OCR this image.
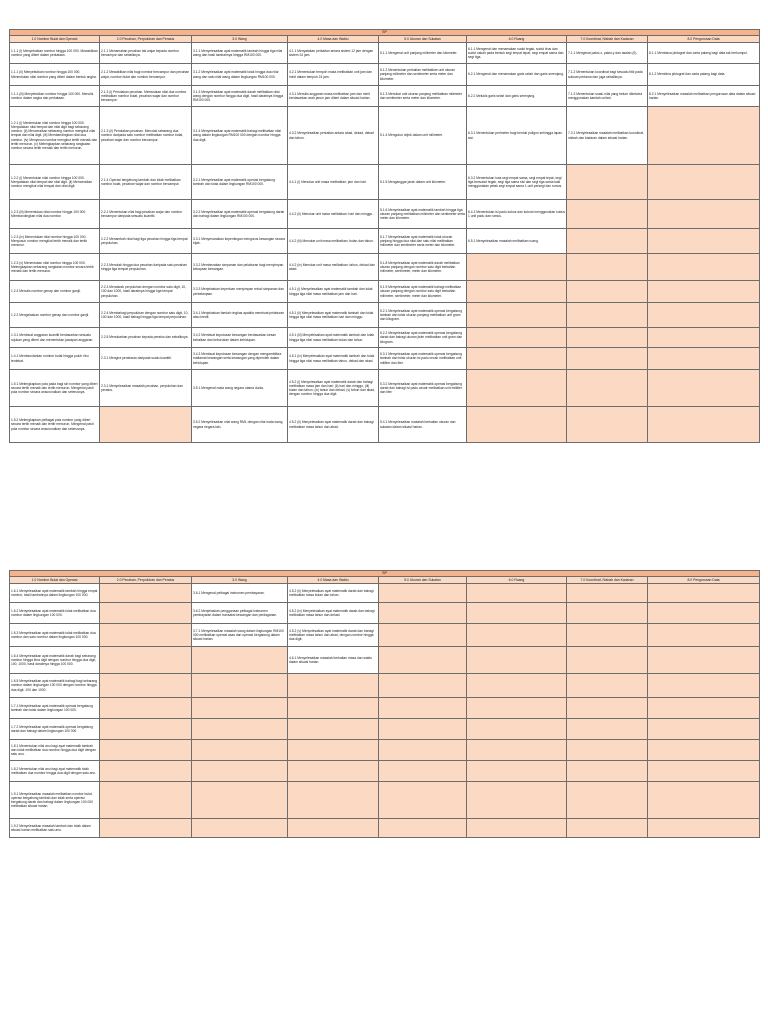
SP							
1.0 Nombor Bulat dan Operasi	2.0 Pecahan, Perpuluhan dan Peratus	3.0 Wang	4.0 Masa dan Waktu	5.0 Ukuran dan Sukatan	6.0 Ruang	7.0 Koordinat, Nisbah dan Kadaran	8.0 Pengurusan Data
1.1.1 (i) Menyebutkan nombor hingga 100 000. Mewakilkan nombor yang diberi dalam perkataan.	2.1.1 Menamakan pecahan tak wajar kepada nombor bercampur dan sebaliknya.	3.1.1 Menyelesaikan ayat matematik tambah hingga tiga nilai wang dan hasil tambahnya hingga RM100 000.	4.1.1 Menyatakan perkaitan antara sistem 12 jam dengan sistem 24 jam.	5.1.1 Mengenal unit panjang milimeter dan kilometer.	6.1.1 Mengenal dan menamakan sudut tegak, sudut tirus dan sudut cakah pada bentuk segi empat tepat, segi empat sama dan segi tiga.	7.1.1 Mengenal paksi-x, paksi-y dan asalan (0).	8.1.1 Membaca piktograf dan carta palang bagi data tak berkumpul.
1.1.1 (ii) Menyebutkan nombor hingga 100 000. Menentukan nilai nombor yang diberi dalam bentuk angka.	2.1.2 Mewakilkan nilai bagi nombor bercampur dan pecahan wajar, nombor bulat dan nombor bercampur.	3.1.2 Menyelesaikan ayat matematik tolak hingga dua nilai wang dan satu nilai wang dalam lingkungan RM100 000.	4.2.1 Menentukan tempoh masa melibatkan unit jam dan minit dalam tempoh 24 jam.	5.1.2 Menentukan perkaitan melibatkan unit ukuran panjang milimeter dan sentimeter serta meter dan kilometer.	6.2.1 Mengenal dan menamakan garis selari dan garis serenjang.	7.1.2 Menentukan koordinat bagi sesuatu titik pada sukuan pertama dan juga sebaliknya.	8.1.2 Membina piktograf dan carta palang bagi data.
1.1.1 (iii) Menyebutkan nombor hingga 100 000. Menulis nombor dalam angka dan perkataan.	2.1.3 (i) Penolakan pecahan. Memulakan nilai dua nombor melibatkan nombor bulat, pecahan wajar dan nombor bercampur.	3.1.3 Menyelesaikan ayat matematik darab melibatkan nilai wang dengan nombor hingga dua digit, hasil darabnya hingga RM100 000.	4.3.1 Menulis anggaran masa melibatkan jam dan minit berdasarkan arah jarum jam diberi dalam situasi harian.	5.1.3 Menukar unit ukuran panjang melibatkan milimeter dan sentimeter serta meter dan kilometer.	6.2.2 Melukis garis selari dan garis serenjang.	7.1.3 Menentukan suatu nilai yang belum diketahui menggunakan kaedah unitari.	8.2.1 Menyelesaikan masalah melibatkan pengurusan data dalam situasi harian.
1.2.1 (i) Menentukan nilai nombor hingga 100 000. Menyatakan nilai tempat dan nilai digit bagi sebarang nombor. (ii) Menceraikan sebarang nombor mengikut nilai tempat dan nilai digit. (iii) Membandingkan nilai dua nombor. (iv) Menyusun nombor mengikut tertib menaik dan tertib menurun. (v) Melengkapkan sebarang rangkaian nombor secara tertib menaik dan tertib menurun.	2.1.3 (ii) Penolakan pecahan. Menolak sebarang dua nombor daripada satu nombor melibatkan nombor bulat, pecahan wajar dan nombor bercampur.	3.1.4 Menyelesaikan ayat matematik bahagi melibatkan nilai wang dalam lingkungan RM100 000 dengan nombor hingga dua digit.	4.3.2 Menyelesaikan perkaitan antara abad, dekad, dekad dan tahun.	5.1.4 Mengukur objek dalam unit milimeter.	6.3.1 Menentukan perimeter bagi bentuk poligon sehingga lapan sisi.	7.3.1 Menyelesaikan masalah melibatkan koordinat, nisbah dan kadaran dalam situasi harian.	
1.2.2 (i) Menentukan nilai nombor hingga 100 000. Menyatakan nilai tempat dan nilai digit. (ii) Menceraikan nombor mengikut nilai tempat dan nilai digit.	2.1.4 Operasi bergabung tambah dan tolak melibatkan nombor bulat, pecahan wajar dan nombor bercampur.	3.2.1 Menyelesaikan ayat matematik operasi bergabung tambah dan tolak dalam lingkungan RM100 000.	4.4.1 (i) Menukar unit masa melibatkan: jam dan hari.	5.1.5 Menganggar jarak dalam unit kilometer.	6.3.2 Menentukan luas segi empat sama, segi empat tepat, segi tiga bersudut tegak, segi tiga sama sisi dan segi tiga sama kaki menggunakan petak segi empat sama 1 unit persegi dan rumus.		
1.2.3 (iii) Menentukan nilai nombor hingga 100 000. Membandingkan nilai dua nombor.	2.2.1 Menentukan nilai bagi pecahan wajar dan nombor bercampur daripada sesuatu kuantiti.	3.2.2 Menyelesaikan ayat matematik operasi bergabung darab dan bahagi dalam lingkungan RM100 000.	4.4.2 (ii) Menukar unit masa melibatkan: hari dan minggu.	5.1.6 Menyelesaikan ayat matematik tambah hingga tiga ukuran panjang melibatkan milimeter dan sentimeter serta meter dan kilometer.	6.4.1 Menentukan isi padu kubus dan kuboid menggunakan kubus 1 unit padu dan rumus.		
1.2.3 (iv) Menentukan nilai nombor hingga 100 000. Menyusun nombor mengikut tertib menaik dan tertib menurun.	2.2.2 Menambah nilai bagi tiga pecahan hingga tiga tempat perpuluhan.	3.3.1 Menyenaraikan kepentingan mengurus kewangan secara bijak.	4.4.2 (iii) Menukar unit masa melibatkan: bulan dan tahun.	5.1.7 Menyelesaikan ayat matematik tolak ukuran panjang hingga dua nilai dan satu nilai melibatkan milimeter dan sentimeter serta meter dan kilometer.	6.5.1 Menyelesaikan masalah melibatkan ruang.		
1.2.3 (v) Menentukan nilai nombor hingga 100 000. Melengkapkan sebarang rangkaian nombor secara tertib menaik dan tertib menurun.	2.2.3 Menolak hingga dua pecahan daripada satu pecahan hingga tiga tempat perpuluhan.	3.3.2 Membezakan simpanan dan pelaburan bagi menyimpan kekayaan kewangan.	4.4.2 (iv) Menukar unit masa melibatkan: tahun, dekad dan abad.	5.1.8 Menyelesaikan ayat matematik darab melibatkan ukuran panjang dengan nombor satu digit berkaitan milimeter, sentimeter, meter dan kilometer.			
1.2.4 Menulis nombor genap dan nombor ganjil.	2.2.3 Mendarab perpuluhan dengan nombor satu digit, 10, 100 dan 1000, hasil darabnya hingga tiga tempat perpuluhan.	3.3.3 Menjelaskan keperluan menyimpan rekod simpanan dan perbelanjaan.	4.5.1 (i) Menyelesaikan ayat matematik tambah dan tolak hingga tiga nilai masa melibatkan jam dan hari.	5.1.9 Menyelesaikan ayat matematik bahagi melibatkan ukuran panjang dengan nombor satu digit berkaitan milimeter, sentimeter, meter dan kilometer.			
1.2.2 Mengelaskan nombor genap dan nombor ganjil.	2.2.4 Membahagi perpuluhan dengan nombor satu digit, 10, 100 dan 1000, hasil bahagi hingga tiga tempat perpuluhan.	3.4.1 Menjelaskan faedah ringkas apabila membuat pelaburan atau kredit.	4.5.1 (ii) Menyelesaikan ayat matematik tambah dan tolak hingga tiga nilai masa melibatkan hari dan minggu.	5.2.1 Menyelesaikan ayat matematik operasi bergabung tambah dan tolak ukuran panjang melibatkan unit gram dan kilogram.			
1.3.1 Membuat anggaran kuantiti berdasarkan sesuatu rujukan yang diberi dan menentukan jawapan anggaran.	2.2.5 Menukarkan pecahan kepada peratus dan sebaliknya.	3.4.2 Membuat keputusan kewangan berdasarkan kesan kebaikan dan keburukan dalam kehidupan.	4.5.1 (iii) Menyelesaikan ayat matematik tambah dan tolak hingga tiga nilai masa melibatkan bulan dan tahun.	5.2.2 Menyelesaikan ayat matematik operasi bergabung darab dan bahagi ukuran jisim melibatkan unit gram dan kilogram.			
1.4.1 Membundarkan nombor bulat hingga puluh ribu terdekat.	2.3.1 Mengira peratusan daripada suatu kuantiti.	3.4.3 Membuat keputusan kewangan dengan mengambilkira matlamat kewangan serta kewangan yang diperoleh dalam kehidupan.	4.5.1 (iv) Menyelesaikan ayat matematik tambah dan tolak hingga tiga nilai masa melibatkan tahun, dekad dan abad.	5.3.1 Menyelesaikan ayat matematik operasi bergabung tambah dan tolak ukuran isi padu cecair melibatkan unit mililiter dan liter.			
1.5.1 Melengkapkan pola pada bagi siri nombor yang diberi secara tertib menaik dan tertib menurun. Mengenal pasti pola nombor secara ansurunaikan dan seterusnya.	2.3.1 Menyelesaikan masalah pecahan, perpuluhan dan peratus.	3.5.1 Mengenal mata wang negara utama dunia.	4.5.2 (i) Menyelesaikan ayat matematik darab dan bahagi melibatkan masa jam dan hari; (ii) hari dan minggu, (iii) bulan dan tahun, (iv) tahun dan dekad, (v) tahun dan abad, dengan nombor hingga dua digit.	5.3.2 Menyelesaikan ayat matematik operasi bergabung darab dan bahagi isi padu cecair melibatkan unit mililiter dan liter.			
1.5.2 Melengkapkan pelbagai pola nombor yang diberi secara tertib menaik dan tertib menurun. Mengenal pasti pola nombor secara ansurunaikan dan seterusnya.		3.5.2 Menyelesaikan nilai wang RM1 dengan nilai mata wang negara negara lain.	4.5.2 (ii) Menyelesaikan ayat matematik darab dan bahagi melibatkan masa tahun dan abad.	5.4.1 Menyelesaikan masalah berkaitan ukuran dan sukatan dalam situasi harian.			
SP							
1.0 Nombor Bulat dan Operasi	2.0 Pecahan, Perpuluhan dan Peratus	3.0 Wang	4.0 Masa dan Waktu	5.0 Ukuran dan Sukatan	6.0 Ruang	7.0 Koordinat, Nisbah dan Kadaran	8.0 Pengurusan Data
1.6.1 Menyelesaikan ayat matematik tambah hingga empat nombor, hasil tambahnya dalam lingkungan 100 000.		3.6.1 Mengenal pelbagai instrumen pembayaran.	4.5.2 (ii) Menyelesaikan ayat matematik darab dan bahagi melibatkan masa bulan dan tahun.				
1.6.2 Menyelesaikan ayat matematik tolak melibatkan dua nombor dalam lingkungan 100 000.		3.6.2 Menjelaskan penggunaan pelbagai instrumen pembayaran dalam transaksi kewangan dan perdaganan.	4.5.2 (iv) Menyelesaikan ayat matematik darab dan bahagi melibatkan masa tahun dan dekad.				
1.6.3 Menyelesaikan ayat matematik tolak melibatkan dua nombor dan satu nombor dalam lingkungan 100 000.		3.7.1 Menyelesaikan masalah wang dalam lingkungan RM100 000 melibatkan operasi asas dan operasi bergabung dalam situasi harian.	4.5.2 (v) Menyelesaikan ayat matematik darab dan bahagi melibatkan masa tahun dan abad, dengan nombor hingga dua digit.				
1.6.4 Menyelesaikan ayat matematik darab bagi sebarang nombor hingga lima digit dengan nombor hingga dua digit, 100, 1000, hasil darabnya hingga 100 000.			4.6.1 Menyelesaikan masalah berkaitan masa dan waktu dalam situasi harian.				
1.6.5 Menyelesaikan ayat matematik bahagi bagi sebarang nombor dalam lingkungan 100 000 dengan nombor hingga dua digit, 100 dan 1000.							
1.7.1 Menyelesaikan ayat matematik operasi bergabung tambah dan tolak dalam lingkungan 100 000.							
1.7.2 Menyelesaikan ayat matematik operasi bergabung darab dan bahagi dalam lingkungan 100 000.							
1.8.1 Menentukan nilai anu bagi ayat matematik tambah dan tolak melibatkan dua nombor hingga dua digit dengan satu anu.							
1.8.2 Menentukan nilai anu bagi ayat matematik tolak melibatkan dua nombor hingga dua digit dengan satu anu.							
1.9.1 Menyelesaikan masalah melibatkan nombor bulat, operasi bergabung tambah dan tolak serta operasi bergabung darab dan bahagi dalam lingkungan 100 000 melibatkan situasi harian.							
1.9.2 Menyelesaikan masalah tambah dan tolak dalam situasi harian melibatkan satu anu.							
